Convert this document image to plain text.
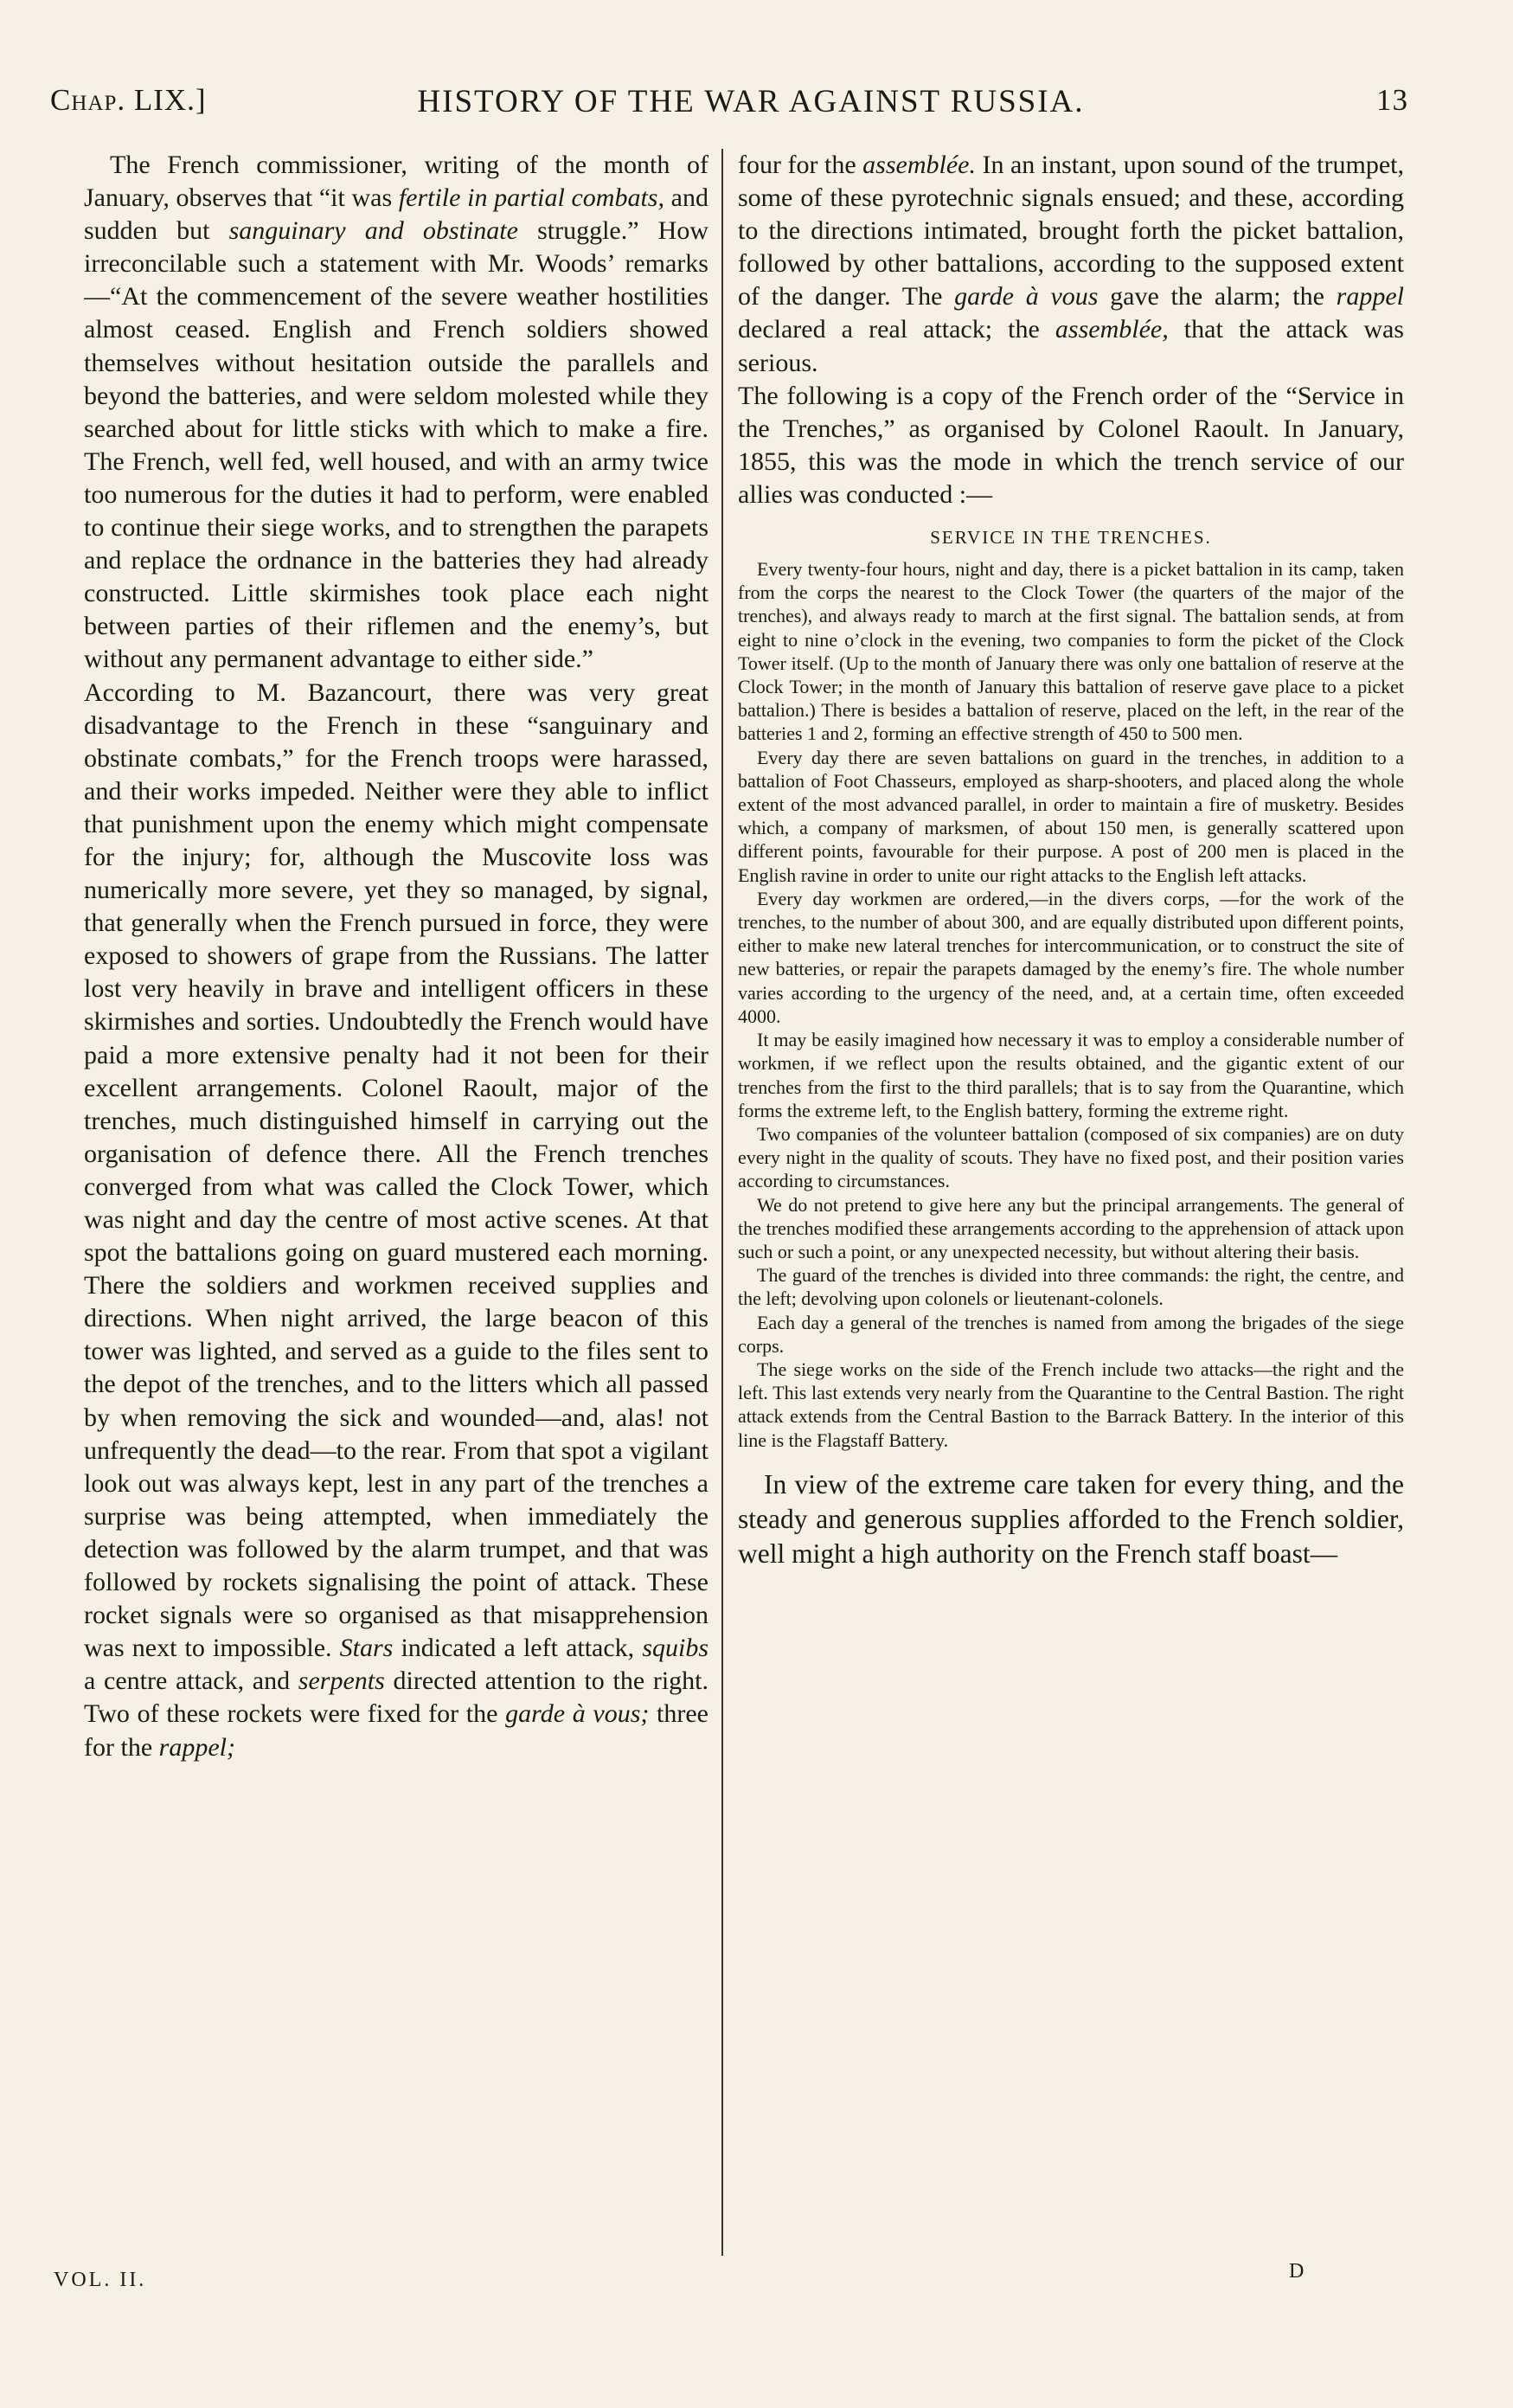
Chap. LIX.]	HISTORY OF THE WAR AGAINST RUSSIA.	13

The French commissioner, writing of the month of January, observes that “it was fertile in partial combats, and sudden but sanguinary and obstinate struggle.” How irreconcilable such a statement with Mr. Woods’ remarks—“At the commencement of the severe weather hostilities almost ceased. English and French soldiers showed themselves without hesitation outside the parallels and beyond the batteries, and were seldom molested while they searched about for little sticks with which to make a fire. The French, well fed, well housed, and with an army twice too numerous for the duties it had to perform, were enabled to continue their siege works, and to strengthen the parapets and replace the ordnance in the batteries they had already constructed. Little skirmishes took place each night between parties of their riflemen and the enemy’s, but without any permanent advantage to either side.”

According to M. Bazancourt, there was very great disadvantage to the French in these “sanguinary and obstinate combats,” for the French troops were harassed, and their works impeded. Neither were they able to inflict that punishment upon the enemy which might compensate for the injury; for, although the Muscovite loss was numerically more severe, yet they so managed, by signal, that generally when the French pursued in force, they were exposed to showers of grape from the Russians. The latter lost very heavily in brave and intelligent officers in these skirmishes and sorties. Undoubtedly the French would have paid a more extensive penalty had it not been for their excellent arrangements. Colonel Raoult, major of the trenches, much distinguished himself in carrying out the organisation of defence there. All the French trenches converged from what was called the Clock Tower, which was night and day the centre of most active scenes. At that spot the battalions going on guard mustered each morning. There the soldiers and workmen received supplies and directions. When night arrived, the large beacon of this tower was lighted, and served as a guide to the files sent to the depot of the trenches, and to the litters which all passed by when removing the sick and wounded—and, alas! not unfrequently the dead—to the rear. From that spot a vigilant look out was always kept, lest in any part of the trenches a surprise was being attempted, when immediately the detection was followed by the alarm trumpet, and that was followed by rockets signalising the point of attack. These rocket signals were so organised as that misapprehension was next to impossible. Stars indicated a left attack, squibs a centre attack, and serpents directed attention to the right. Two of these rockets were fixed for the garde à vous; three for the rappel;

four for the assemblée. In an instant, upon sound of the trumpet, some of these pyrotechnic signals ensued; and these, according to the directions intimated, brought forth the picket battalion, followed by other battalions, according to the supposed extent of the danger. The garde à vous gave the alarm; the rappel declared a real attack; the assemblée, that the attack was serious.

The following is a copy of the French order of the “Service in the Trenches,” as organised by Colonel Raoult. In January, 1855, this was the mode in which the trench service of our allies was conducted :—

SERVICE IN THE TRENCHES.

Every twenty-four hours, night and day, there is a picket battalion in its camp, taken from the corps the nearest to the Clock Tower (the quarters of the major of the trenches), and always ready to march at the first signal. The battalion sends, at from eight to nine o’clock in the evening, two companies to form the picket of the Clock Tower itself. (Up to the month of January there was only one battalion of reserve at the Clock Tower; in the month of January this battalion of reserve gave place to a picket battalion.) There is besides a battalion of reserve, placed on the left, in the rear of the batteries 1 and 2, forming an effective strength of 450 to 500 men.

Every day there are seven battalions on guard in the trenches, in addition to a battalion of Foot Chasseurs, employed as sharp-shooters, and placed along the whole extent of the most advanced parallel, in order to maintain a fire of musketry. Besides which, a company of marksmen, of about 150 men, is generally scattered upon different points, favourable for their purpose. A post of 200 men is placed in the English ravine in order to unite our right attacks to the English left attacks.

Every day workmen are ordered,—in the divers corps, —for the work of the trenches, to the number of about 300, and are equally distributed upon different points, either to make new lateral trenches for intercommunication, or to construct the site of new batteries, or repair the parapets damaged by the enemy’s fire. The whole number varies according to the urgency of the need, and, at a certain time, often exceeded 4000.

It may be easily imagined how necessary it was to employ a considerable number of workmen, if we reflect upon the results obtained, and the gigantic extent of our trenches from the first to the third parallels; that is to say from the Quarantine, which forms the extreme left, to the English battery, forming the extreme right.

Two companies of the volunteer battalion (composed of six companies) are on duty every night in the quality of scouts. They have no fixed post, and their position varies according to circumstances.

We do not pretend to give here any but the principal arrangements. The general of the trenches modified these arrangements according to the apprehension of attack upon such or such a point, or any unexpected necessity, but without altering their basis.

The guard of the trenches is divided into three commands: the right, the centre, and the left; devolving upon colonels or lieutenant-colonels.

Each day a general of the trenches is named from among the brigades of the siege corps.

The siege works on the side of the French include two attacks—the right and the left. This last extends very nearly from the Quarantine to the Central Bastion. The right attack extends from the Central Bastion to the Barrack Battery. In the interior of this line is the Flagstaff Battery.

In view of the extreme care taken for every thing, and the steady and generous supplies afforded to the French soldier, well might a high authority on the French staff boast—

VOL. II.	D
